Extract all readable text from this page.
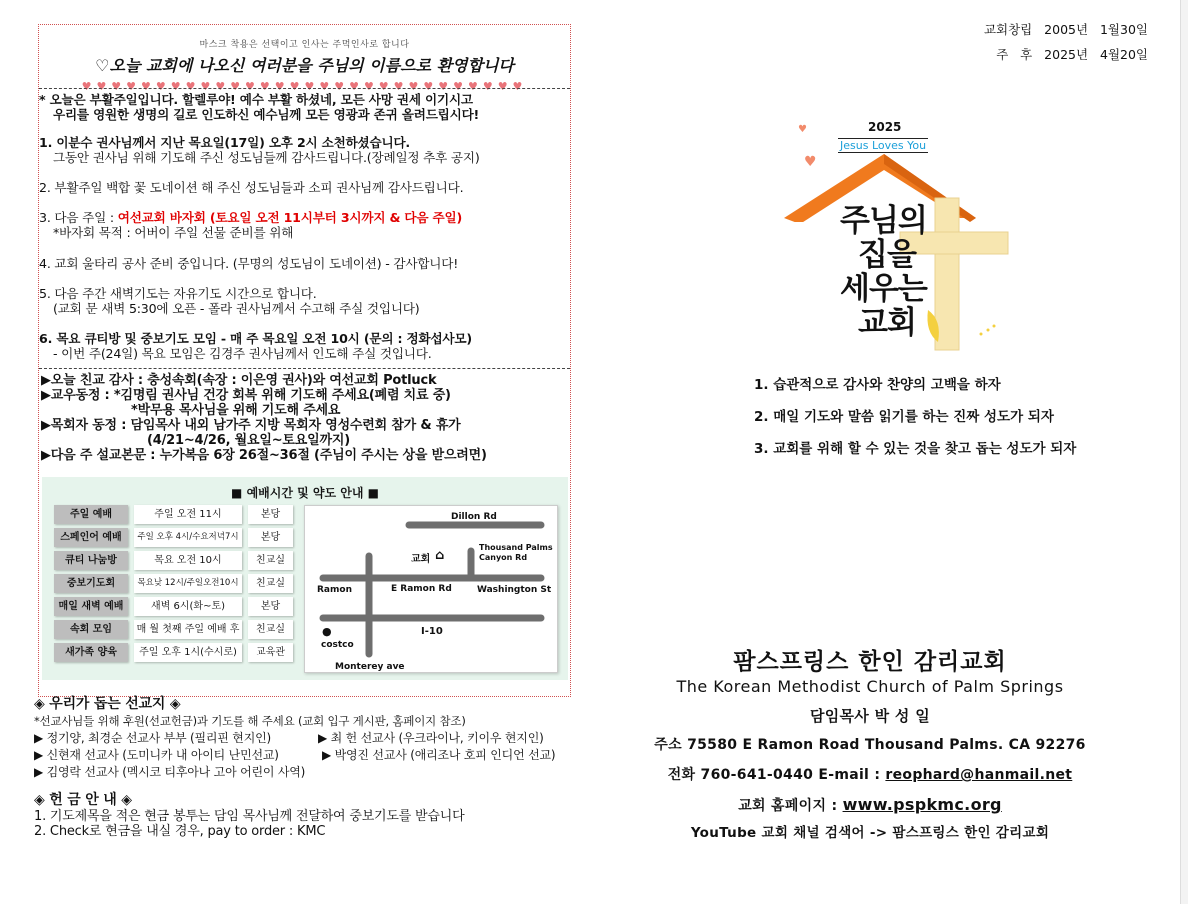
마스크 착용은 선택이고 인사는 주먹인사로 합니다
♡오늘 교회에 나오신 여러분을 주님의 이름으로 환영합니다
♥♥♥♥♥♥♥♥♥♥♥♥♥♥♥♥♥♥♥♥♥♥♥♥♥♥♥♥♥♥
* 오늘은 부활주일입니다. 할렐루야! 예수 부활 하셨네, 모든 사망 권세 이기시고
우리를 영원한 생명의 길로 인도하신 예수님께 모든 영광과 존귀 올려드립시다!
1. 이분수 권사님께서 지난 목요일(17일) 오후 2시 소천하셨습니다.
그동안 권사님 위해 기도해 주신 성도님들께 감사드립니다.(장례일정 추후 공지)
2. 부활주일 백합 꽃 도네이션 해 주신 성도님들과 소피 권사님께 감사드립니다.
3. 다음 주일 : 여선교회 바자회 (토요일 오전 11시부터 3시까지 & 다음 주일)
*바자회 목적 : 어버이 주일 선물 준비를 위해
4. 교회 울타리 공사 준비 중입니다. (무명의 성도님이 도네이션) - 감사합니다!
5. 다음 주간 새벽기도는 자유기도 시간으로 합니다.
(교회 문 새벽 5:30에 오픈 - 폴라 권사님께서 수고해 주실 것입니다)
6. 목요 큐티방 및 중보기도 모임 - 매 주 목요일 오전 10시 (문의 : 정화섭사모)
- 이번 주(24일) 목요 모임은 김경주 권사님께서 인도해 주실 것입니다.
▶오늘 친교 감사 : 충성속회(속장 : 이은영 권사)와 여선교회 Potluck
▶교우동정 : *김명림 권사님 건강 회복 위해 기도해 주세요(폐렴 치료 중)
*박무용 목사님을 위해 기도해 주세요
▶목회자 동정 : 담임목사 내외 남가주 지방 목회자 영성수련회 참가 & 휴가
(4/21~4/26, 월요일~토요일까지)
▶다음 주 설교본문 : 누가복음 6장 26절~36절 (주님이 주시는 상을 받으려면)
■ 예배시간 및 약도 안내 ■
주일 예배	주일 오전 11시	본당
스페인어 예배	주일 오후 4시/수요저녁7시	본당
큐티 나눔방	목요 오전 10시	친교실
중보기도회	목요낮 12시/주일오전10시	친교실
매일 새벽 예배	새벽 6시(화~토)	본당
속회 모임	매 월 첫째 주일 예배 후	친교실
새가족 양육	주일 오후 1시(수시로)	교육관
Dillon Rd
교회 ⌂
Thousand Palms
Canyon Rd
Ramon	E Ramon Rd	Washington St
I-10
●
costco
Monterey ave
◈ 우리가 돕는 선교지 ◈
*선교사님들 위해 후원(선교헌금)과 기도를 해 주세요 (교회 입구 게시판, 홈페이지 참조)
▶ 정기양, 최경순 선교사 부부 (필리핀 현지인)	▶ 최 헌 선교사 (우크라이나, 키이우 현지인)
▶ 신현재 선교사 (도미니카 내 아이티 난민선교)	▶ 박영진 선교사 (애리조나 호피 인디언 선교)
▶ 김영락 선교사 (멕시코 티후아나 고아 어린이 사역)
◈ 헌 금 안 내 ◈
1. 기도제목을 적은 현금 봉투는 담임 목사님께 전달하여 중보기도를 받습니다
2. Check로 현금을 내실 경우, pay to order : KMC
교회창립   2005년   1월30일
주   후   2025년   4월20일
♥
♥	2025
Jesus Loves You
주님의
집을
세우는
교회
1. 습관적으로 감사와 찬양의 고백을 하자
2. 매일 기도와 말씀 읽기를 하는 진짜 성도가 되자
3. 교회를 위해 할 수 있는 것을 찾고 돕는 성도가 되자
팜스프링스 한인 감리교회
The Korean Methodist Church of Palm Springs
담임목사 박 성 일
주소 75580 E Ramon Road Thousand Palms. CA 92276
전화 760-641-0440 E-mail : reophard@hanmail.net
교회 홈페이지 : www.pspkmc.org
YouTube 교회 채널 검색어 -> 팜스프링스 한인 감리교회
